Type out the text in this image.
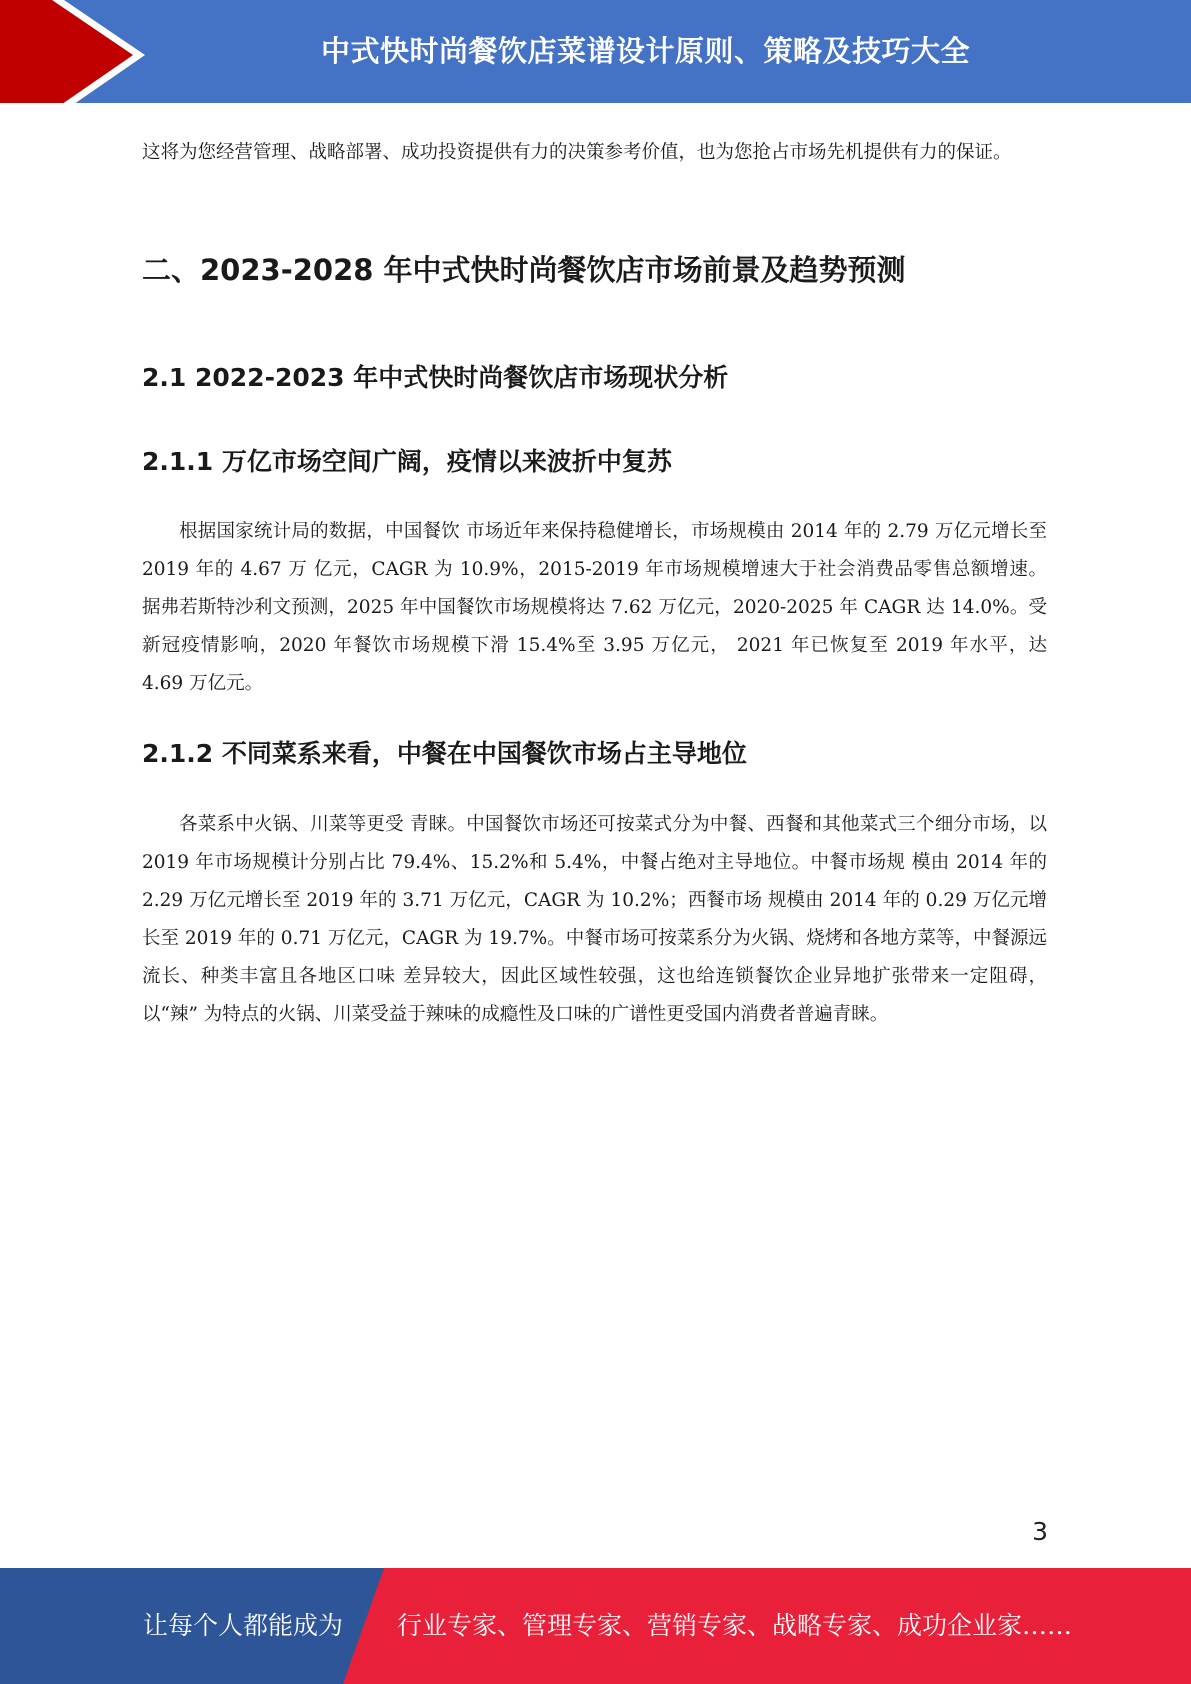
中式快时尚餐饮店菜谱设计原则、策略及技巧大全

这将为您经营管理、战略部署、成功投资提供有力的决策参考价值，也为您抢占市场先机提供有力的保证。

二、2023-2028 年中式快时尚餐饮店市场前景及趋势预测
2.1 2022-2023 年中式快时尚餐饮店市场现状分析
2.1.1 万亿市场空间广阔，疫情以来波折中复苏

根据国家统计局的数据，中国餐饮 市场近年来保持稳健增长，市场规模由 2014 年的 2.79 万亿元增长至 2019 年的 4.67 万 亿元，CAGR 为 10.9%，2015-2019 年市场规模增速大于社会消费品零售总额增速。 据弗若斯特沙利文预测，2025 年中国餐饮市场规模将达 7.62 万亿元，2020-2025 年 CAGR 达 14.0%。受新冠疫情影响，2020 年餐饮市场规模下滑 15.4%至 3.95 万亿元， 2021 年已恢复至 2019 年水平，达 4.69 万亿元。

2.1.2 不同菜系来看，中餐在中国餐饮市场占主导地位

各菜系中火锅、川菜等更受 青睐。中国餐饮市场还可按菜式分为中餐、西餐和其他菜式三个细分市场，以 2019 年市场规模计分别占比 79.4%、15.2%和 5.4%，中餐占绝对主导地位。中餐市场规 模由 2014 年的 2.29 万亿元增长至 2019 年的 3.71 万亿元，CAGR 为 10.2%；西餐市场 规模由 2014 年的 0.29 万亿元增长至 2019 年的 0.71 万亿元，CAGR 为 19.7%。中餐市场可按菜系分为火锅、烧烤和各地方菜等，中餐源远流长、种类丰富且各地区口味 差异较大，因此区域性较强，这也给连锁餐饮企业异地扩张带来一定阻碍，以“辣” 为特点的火锅、川菜受益于辣味的成瘾性及口味的广谱性更受国内消费者普遍青睐。

3
让每个人都能成为 行业专家、管理专家、营销专家、战略专家、成功企业家……
